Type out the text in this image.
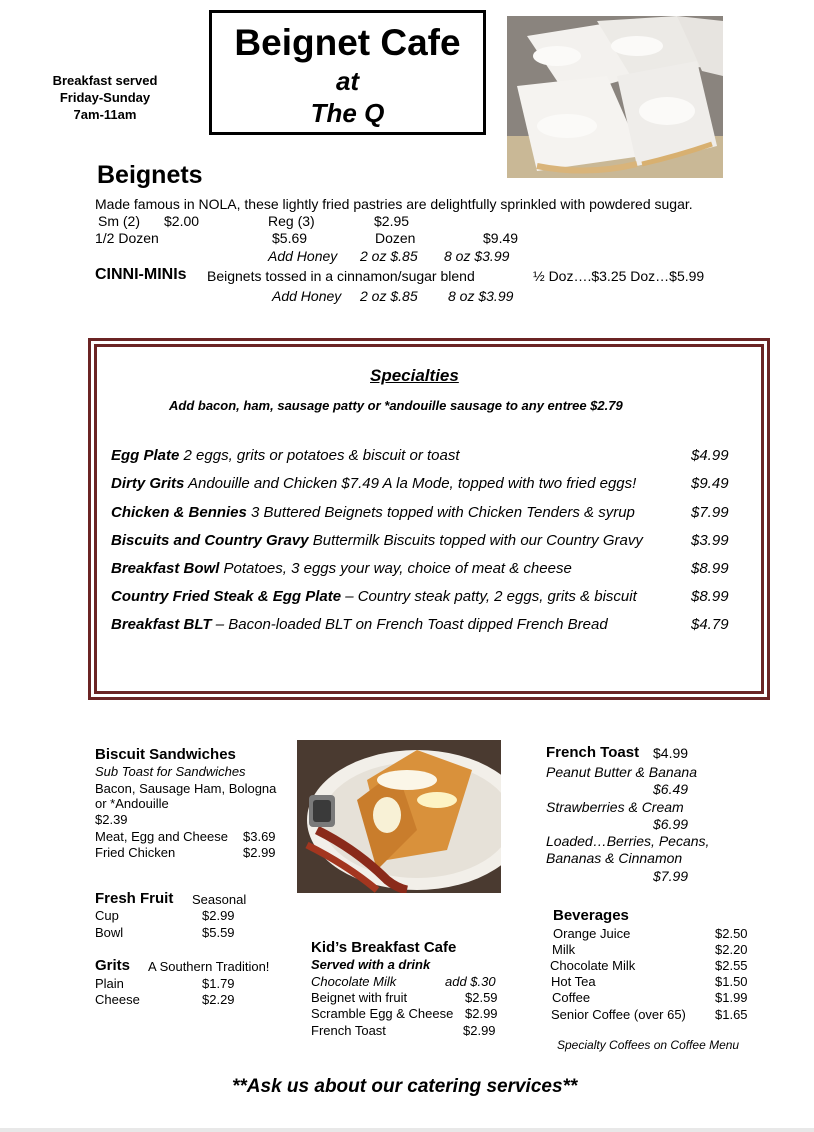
Breakfast served
Friday-Sunday
7am-11am
Beignet Cafe
at
The Q
Beignets
Made famous in NOLA, these lightly fried pastries are delightfully sprinkled with powdered sugar.
Sm (2) $2.00	Reg (3)	$2.95
1/2 Dozen	$5.69	Dozen	$9.49
Add Honey 2 oz $.85 8 oz $3.99
CINNI-MINIs Beignets tossed in a cinnamon/sugar blend	½ Doz….$3.25 Doz…$5.99
Add Honey 2 oz $.85 8 oz $3.99
Specialties
Add bacon, ham, sausage patty or *andouille sausage to any entree $2.79
Egg Plate 2 eggs, grits or potatoes & biscuit or toast	$4.99
Dirty Grits Andouille and Chicken $7.49 A la Mode, topped with two fried eggs!	$9.49
Chicken & Bennies 3 Buttered Beignets topped with Chicken Tenders & syrup	$7.99
Biscuits and Country Gravy Buttermilk Biscuits topped with our Country Gravy	$3.99
Breakfast Bowl Potatoes, 3 eggs your way, choice of meat & cheese	$8.99
Country Fried Steak & Egg Plate – Country steak patty, 2 eggs, grits & biscuit	$8.99
Breakfast BLT – Bacon-loaded BLT on French Toast dipped French Bread	$4.79
Biscuit Sandwiches
Sub Toast for Sandwiches
Bacon, Sausage Ham, Bologna
or *Andouille
$2.39
Meat, Egg and Cheese $3.69
Fried Chicken	$2.99
Fresh Fruit Seasonal
Cup	$2.99
Bowl	$5.59
Grits A Southern Tradition!
Plain	$1.79
Cheese	$2.29
Kid’s Breakfast Cafe
Served with a drink
Chocolate Milk	add $.30
Beignet with fruit	$2.59
Scramble Egg & Cheese $2.99
French Toast	$2.99
French Toast $4.99
Peanut Butter & Banana
$6.49
Strawberries & Cream
$6.99
Loaded…Berries, Pecans,
Bananas & Cinnamon
$7.99
Beverages
Orange Juice	$2.50
Milk	$2.20
Chocolate Milk	$2.55
Hot Tea	$1.50
Coffee	$1.99
Senior Coffee (over 65) $1.65
Specialty Coffees on Coffee Menu
**Ask us about our catering services**
